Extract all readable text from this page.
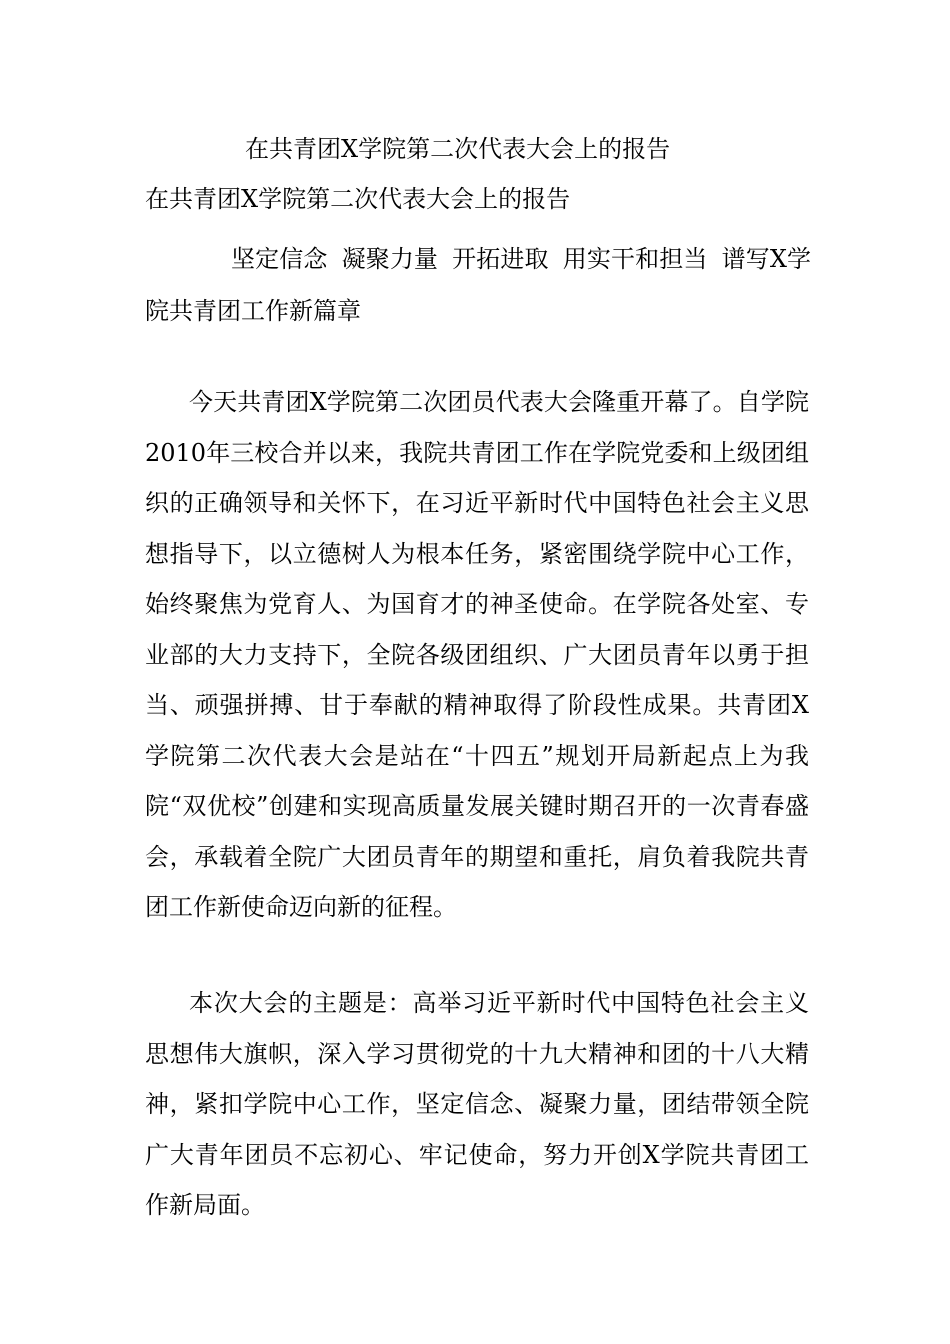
在共青团X学院第二次代表大会上的报告
在共青团X学院第二次代表大会上的报告
坚定信念 凝聚力量 开拓进取 用实干和担当 谱写X学院共青团工作新篇章

今天共青团X学院第二次团员代表大会隆重开幕了。自学院2010年三校合并以来，我院共青团工作在学院党委和上级团组织的正确领导和关怀下，在习近平新时代中国特色社会主义思想指导下，以立德树人为根本任务，紧密围绕学院中心工作，始终聚焦为党育人、为国育才的神圣使命。在学院各处室、专业部的大力支持下，全院各级团组织、广大团员青年以勇于担当、顽强拼搏、甘于奉献的精神取得了阶段性成果。共青团X学院第二次代表大会是站在“十四五”规划开局新起点上为我院“双优校”创建和实现高质量发展关键时期召开的一次青春盛会，承载着全院广大团员青年的期望和重托，肩负着我院共青团工作新使命迈向新的征程。

本次大会的主题是：高举习近平新时代中国特色社会主义思想伟大旗帜，深入学习贯彻党的十九大精神和团的十八大精神，紧扣学院中心工作，坚定信念、凝聚力量，团结带领全院广大青年团员不忘初心、牢记使命，努力开创X学院共青团工作新局面。
